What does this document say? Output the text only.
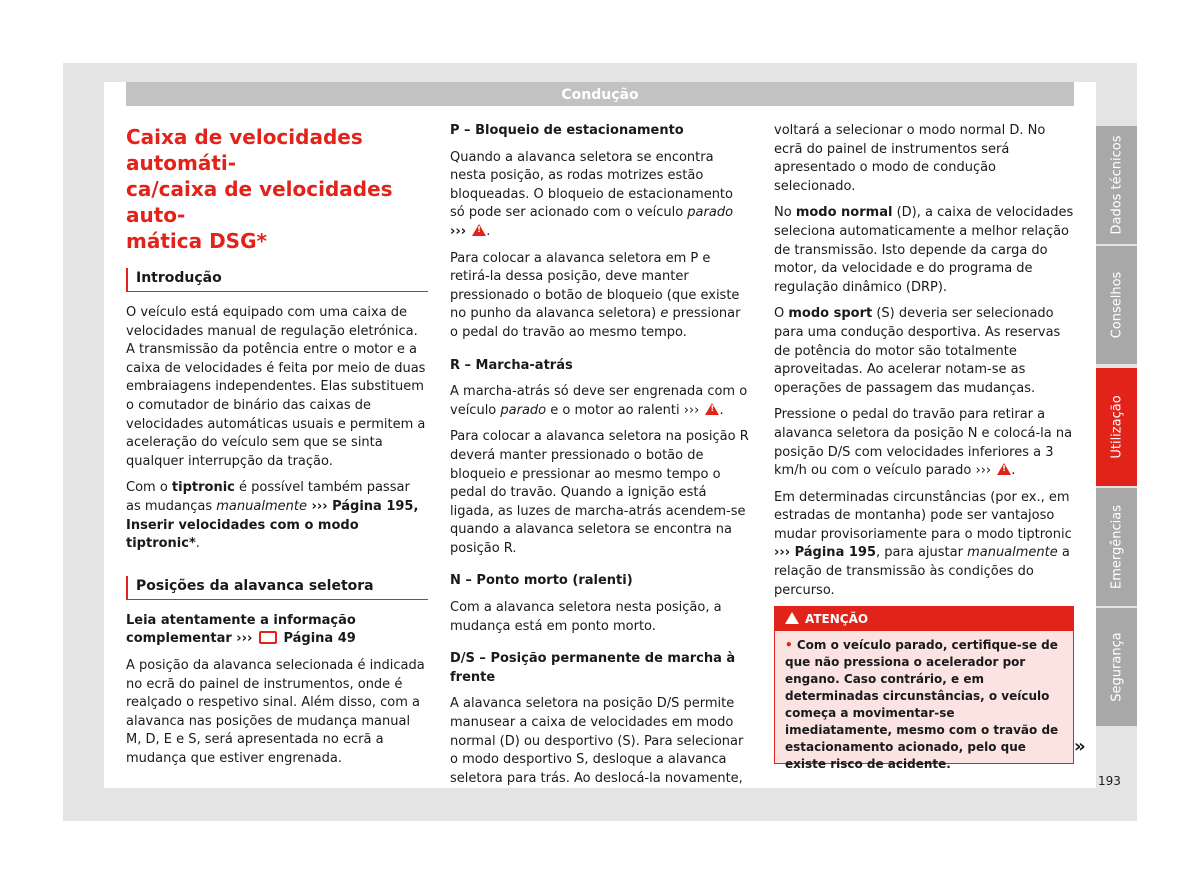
Condução
Caixa de velocidades automáti-
ca/caixa de velocidades auto-
mática DSG*
Introdução

O veículo está equipado com uma caixa de velocidades manual de regulação eletrónica. A transmissão da potência entre o motor e a caixa de velocidades é feita por meio de duas embraiagens independentes. Elas substituem o comutador de binário das caixas de velocidades automáticas usuais e permitem a aceleração do veículo sem que se sinta qualquer interrupção da tração.

Com o tiptronic é possível também passar as mudanças manualmente ››› Página 195, Inserir velocidades com o modo tiptronic*.

Posições da alavanca seletora

Leia atentamente a informação complementar ››› Página 49

A posição da alavanca selecionada é indicada no ecrã do painel de instrumentos, onde é realçado o respetivo sinal. Além disso, com a alavanca nas posições de mudança manual M, D, E e S, será apresentada no ecrã a mudança que estiver engrenada.

P – Bloqueio de estacionamento

Quando a alavanca seletora se encontra nesta posição, as rodas motrizes estão bloqueadas. O bloqueio de estacionamento só pode ser acionado com o veículo parado ››› ! .

Para colocar a alavanca seletora em P e retirá-la dessa posição, deve manter pressionado o botão de bloqueio (que existe no punho da alavanca seletora) e pressionar o pedal do travão ao mesmo tempo.

R – Marcha-atrás

A marcha-atrás só deve ser engrenada com o veículo parado e o motor ao ralenti ››› ! .

Para colocar a alavanca seletora na posição R deverá manter pressionado o botão de bloqueio e pressionar ao mesmo tempo o pedal do travão. Quando a ignição está ligada, as luzes de marcha-atrás acendem-se quando a alavanca seletora se encontra na posição R.

N – Ponto morto (ralenti)

Com a alavanca seletora nesta posição, a mudança está em ponto morto.

D/S – Posição permanente de marcha à frente

A alavanca seletora na posição D/S permite manusear a caixa de velocidades em modo normal (D) ou desportivo (S). Para selecionar o modo desportivo S, desloque a alavanca seletora para trás. Ao deslocá-la novamente,

voltará a selecionar o modo normal D. No ecrã do painel de instrumentos será apresentado o modo de condução selecionado.

No modo normal (D), a caixa de velocidades seleciona automaticamente a melhor relação de transmissão. Isto depende da carga do motor, da velocidade e do programa de regulação dinâmico (DRP).

O modo sport (S) deveria ser selecionado para uma condução desportiva. As reservas de potência do motor são totalmente aproveitadas. Ao acelerar notam-se as operações de passagem das mudanças.

Pressione o pedal do travão para retirar a alavanca seletora da posição N e colocá-la na posição D/S com velocidades inferiores a 3 km/h ou com o veículo parado ››› ! .

Em determinadas circunstâncias (por ex., em estradas de montanha) pode ser vantajoso mudar provisoriamente para o modo tiptronic ››› Página 195, para ajustar manualmente a relação de transmissão às condições do percurso.

ATENÇÃO
• Com o veículo parado, certifique-se de que não pressiona o acelerador por engano. Caso contrário, e em determinadas circunstâncias, o veículo começa a movimentar-se imediatamente, mesmo com o travão de estacionamento acionado, pelo que existe risco de acidente.
»
193
Dados técnicos
Conselhos
Utilização
Emergências
Segurança
